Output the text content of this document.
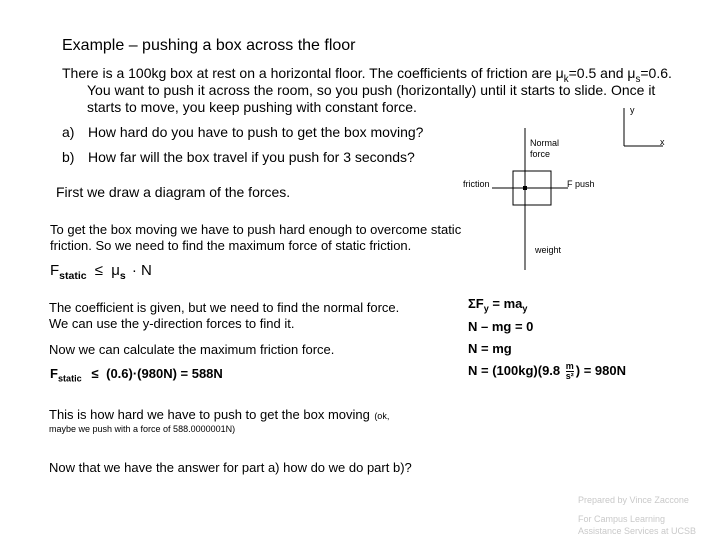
Example – pushing a box across the floor
There is a 100kg box at rest on a horizontal floor. The coefficients of friction are $\mu_k=0.5$ and $\mu_s=0.6$.
You want to push it across the room, so you push (horizontally) until it starts to slide. Once it
starts to move, you keep pushing with constant force.
a) How hard do you have to push to get the box moving?
b) How far will the box travel if you push for 3 seconds?
First we draw a diagram of the forces.
y
x
Normal
force
friction	F push
weight
To get the box moving we have to push hard enough to overcome static
friction. So we need to find the maximum force of static friction.
$F_{static} \le \mu_s \cdot N$
The coefficient is given, but we need to find the normal force.
We can use the y-direction forces to find it.
$\Sigma F_y = ma_y$
N – mg = 0
N = mg
$N = (100kg)(9.8 \frac{m}{\text{s²}}$ ) = 980N
Now we can calculate the maximum friction force.
$F_{static} \le (0.6)\cdot(980N) = 588N$
This is how hard we have to push to get the box moving (ok,
maybe we push with a force of 588.0000001N)
Now that we have the answer for part a) how do we do part b)?
Prepared by Vince Zaccone
For Campus Learning Assistance Services at UCSB
